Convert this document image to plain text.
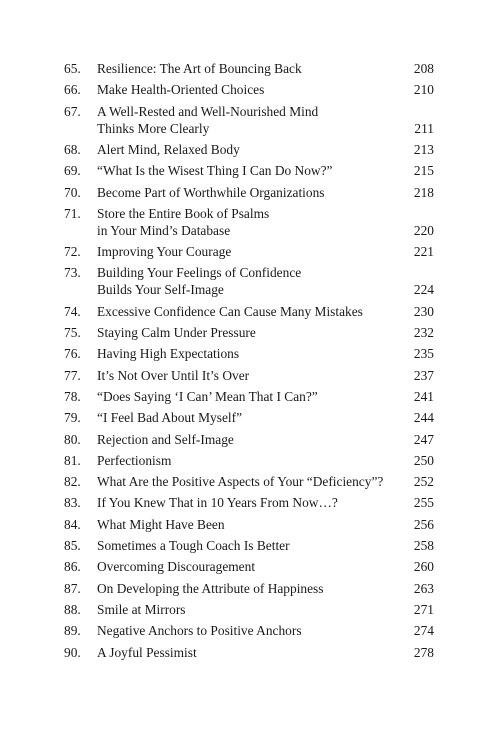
65.	Resilience: The Art of Bouncing Back	208
66.	Make Health-Oriented Choices	210
67.	A Well-Rested and Well-Nourished Mind
Thinks More Clearly	211
68.	Alert Mind, Relaxed Body	213
69.	“What Is the Wisest Thing I Can Do Now?”	215
70.	Become Part of Worthwhile Organizations	218
71.	Store the Entire Book of Psalms
in Your Mind’s Database	220
72.	Improving Your Courage	221
73.	Building Your Feelings of Confidence
Builds Your Self-Image	224
74.	Excessive Confidence Can Cause Many Mistakes	230
75.	Staying Calm Under Pressure	232
76.	Having High Expectations	235
77.	It’s Not Over Until It’s Over	237
78.	“Does Saying ‘I Can’ Mean That I Can?”	241
79.	“I Feel Bad About Myself”	244
80.	Rejection and Self-Image	247
81.	Perfectionism	250
82.	What Are the Positive Aspects of Your “Deficiency”?	252
83.	If You Knew That in 10 Years From Now…?	255
84.	What Might Have Been	256
85.	Sometimes a Tough Coach Is Better	258
86.	Overcoming Discouragement	260
87.	On Developing the Attribute of Happiness	263
88.	Smile at Mirrors	271
89.	Negative Anchors to Positive Anchors	274
90.	A Joyful Pessimist	278
